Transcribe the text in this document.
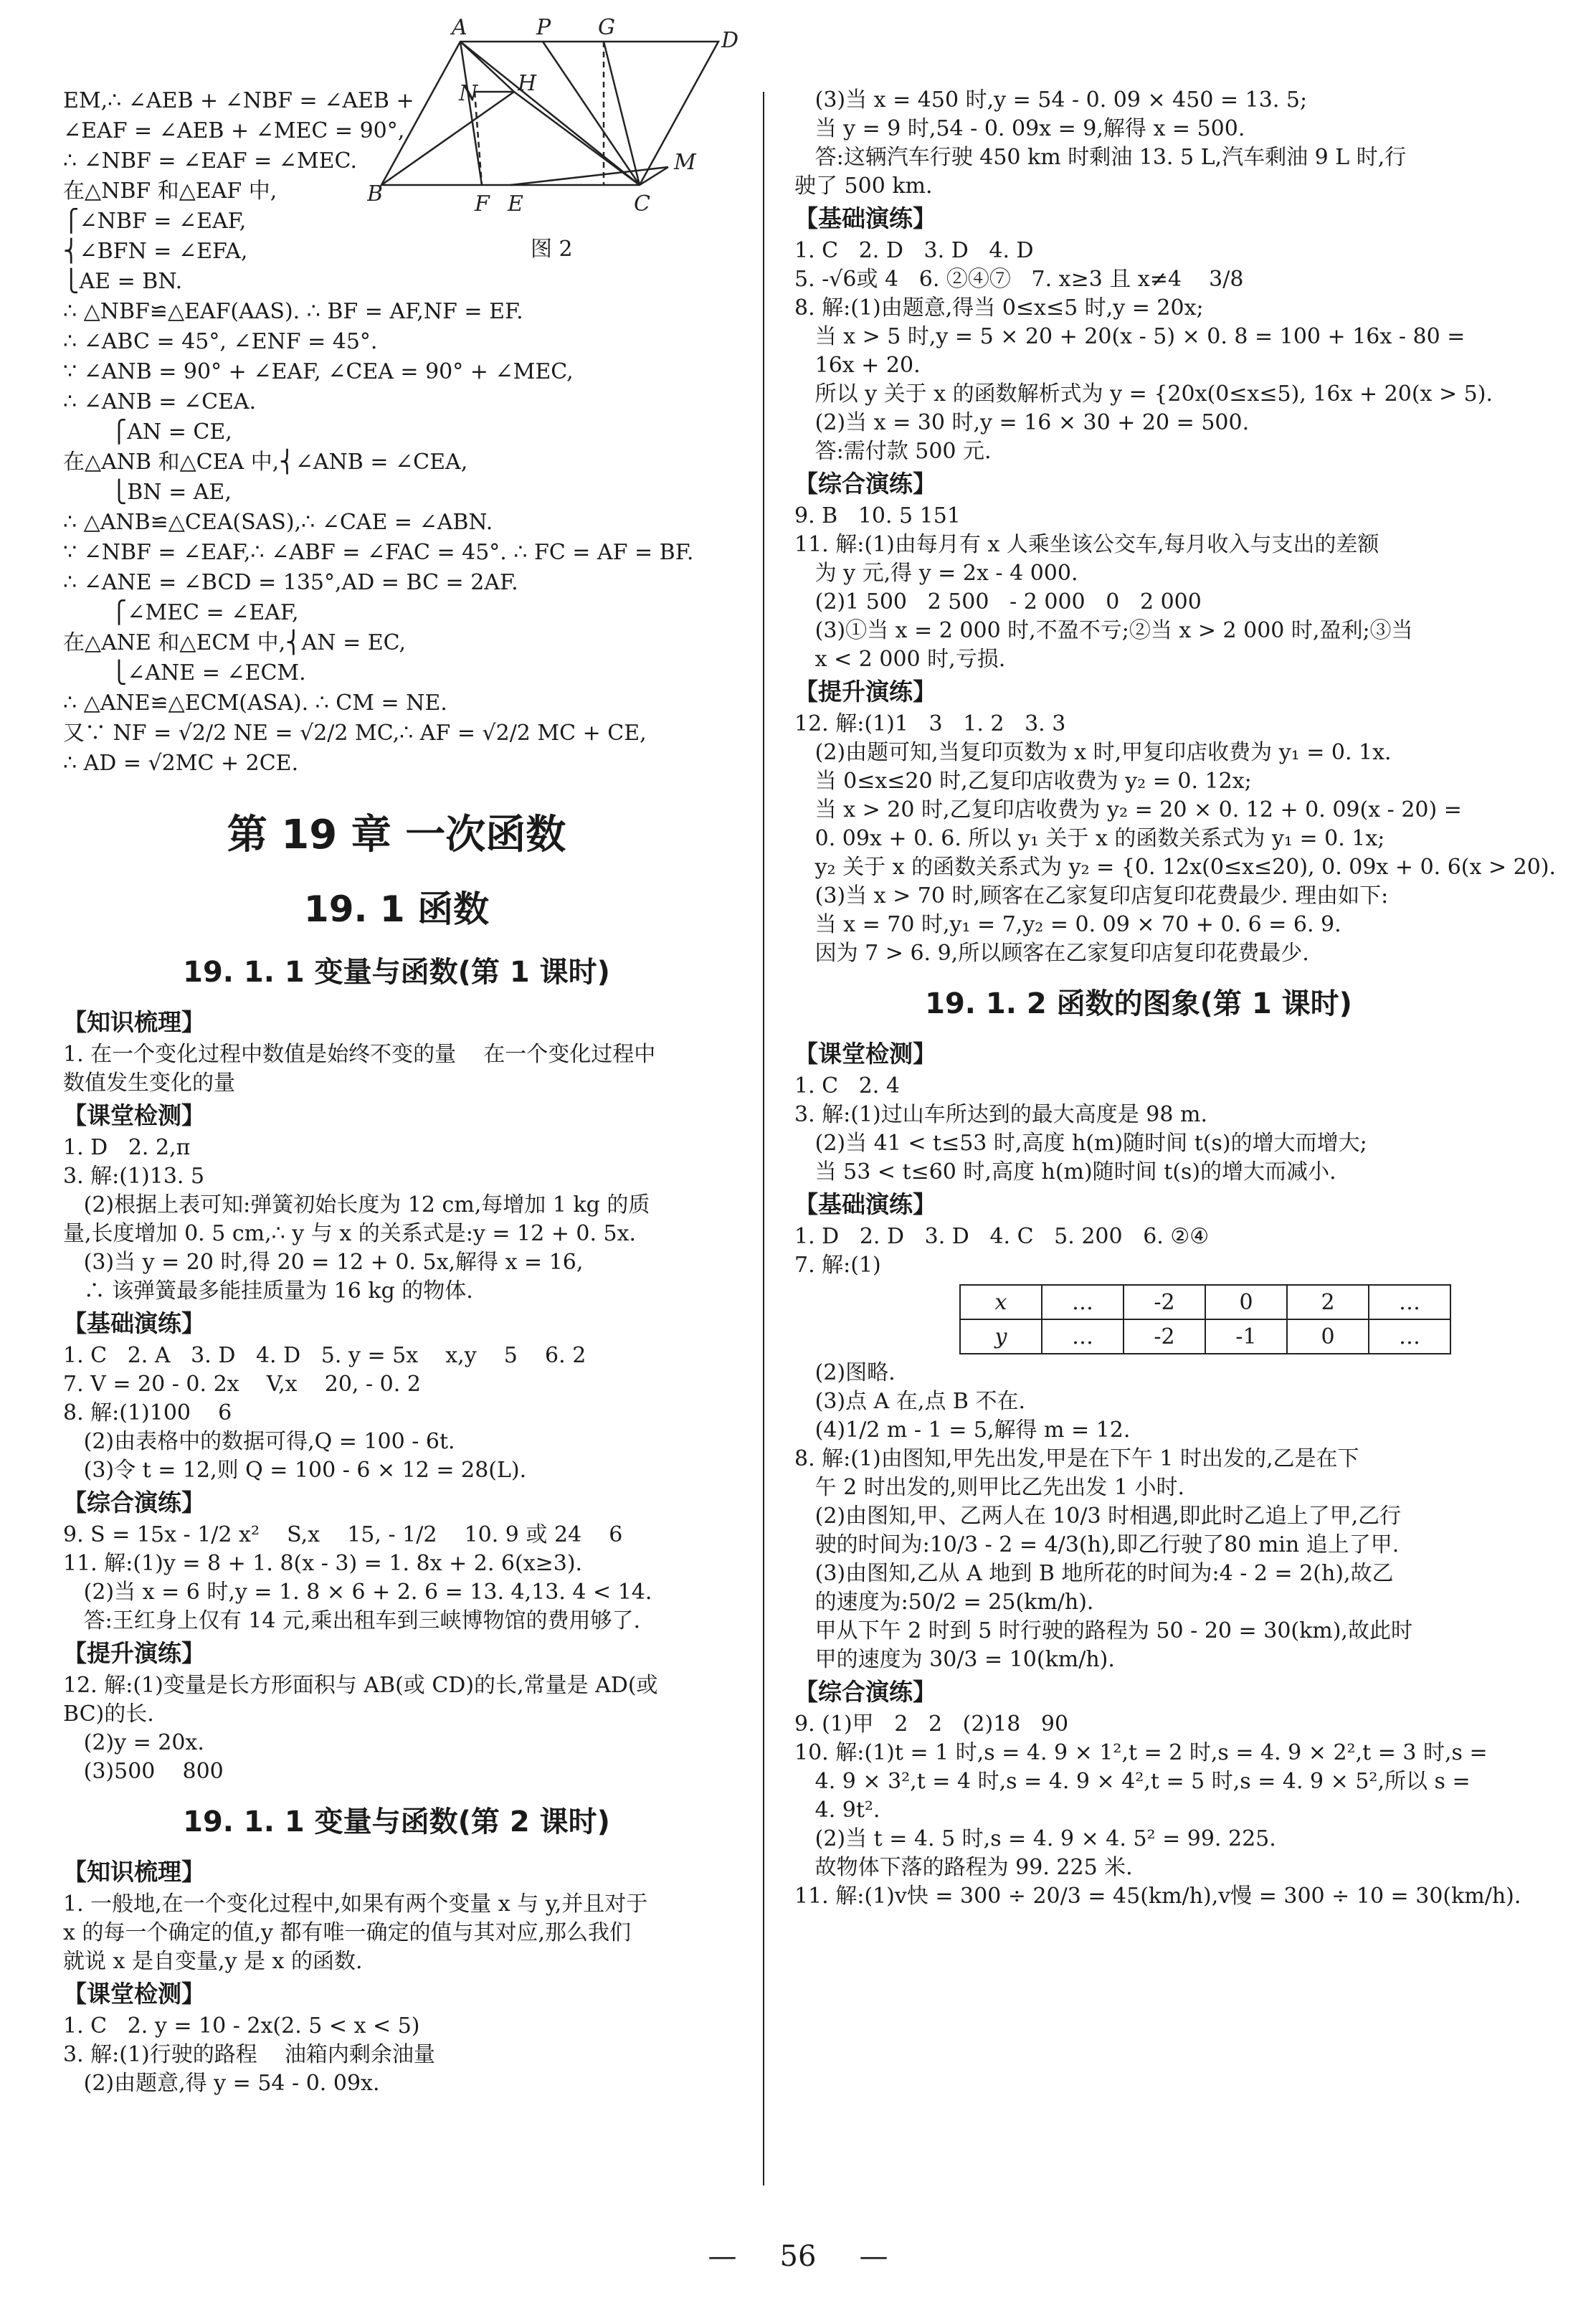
A	P G
D
B
N H
M
F E	C
图 2
EM,∴ ∠AEB + ∠NBF = ∠AEB +
∠EAF = ∠AEB + ∠MEC = 90°,
∴ ∠NBF = ∠EAF = ∠MEC.
在△NBF 和△EAF 中,
⎧∠NBF = ∠EAF,
⎨∠BFN = ∠EFA,
⎩AE = BN.
∴ △NBF≌△EAF(AAS). ∴ BF = AF,NF = EF.
∴ ∠ABC = 45°, ∠ENF = 45°.
∵ ∠ANB = 90° + ∠EAF, ∠CEA = 90° + ∠MEC,
∴ ∠ANB = ∠CEA.
⎧AN = CE,
在△ANB 和△CEA 中,⎨∠ANB = ∠CEA,
⎩BN = AE,
∴ △ANB≌△CEA(SAS),∴ ∠CAE = ∠ABN.
∵ ∠NBF = ∠EAF,∴ ∠ABF = ∠FAC = 45°. ∴ FC = AF = BF.
∴ ∠ANE = ∠BCD = 135°,AD = BC = 2AF.
⎧∠MEC = ∠EAF,
在△ANE 和△ECM 中,⎨AN = EC,
⎩∠ANE = ∠ECM.
∴ △ANE≌△ECM(ASA). ∴ CM = NE.
又∵ NF = √2/2 NE = √2/2 MC,∴ AF = √2/2 MC + CE,
∴ AD = √2MC + 2CE.
第 19 章 一次函数
19. 1 函数
19. 1. 1 变量与函数(第 1 课时)
【知识梳理】
1. 在一个变化过程中数值是始终不变的量    在一个变化过程中
数值发生变化的量
【课堂检测】
1. D   2. 2,π
3. 解:(1)13. 5
(2)根据上表可知:弹簧初始长度为 12 cm,每增加 1 kg 的质
量,长度增加 0. 5 cm,∴ y 与 x 的关系式是:y = 12 + 0. 5x.
(3)当 y = 20 时,得 20 = 12 + 0. 5x,解得 x = 16,
∴ 该弹簧最多能挂质量为 16 kg 的物体.
【基础演练】
1. C   2. A   3. D   4. D   5. y = 5x    x,y    5    6. 2
7. V = 20 - 0. 2x    V,x    20, - 0. 2
8. 解:(1)100    6
(2)由表格中的数据可得,Q = 100 - 6t.
(3)令 t = 12,则 Q = 100 - 6 × 12 = 28(L).
【综合演练】
9. S = 15x - 1/2 x²    S,x    15, - 1/2    10. 9 或 24    6
11. 解:(1)y = 8 + 1. 8(x - 3) = 1. 8x + 2. 6(x≥3).
(2)当 x = 6 时,y = 1. 8 × 6 + 2. 6 = 13. 4,13. 4 < 14.
答:王红身上仅有 14 元,乘出租车到三峡博物馆的费用够了.
【提升演练】
12. 解:(1)变量是长方形面积与 AB(或 CD)的长,常量是 AD(或
BC)的长.
(2)y = 20x.
(3)500    800
19. 1. 1 变量与函数(第 2 课时)
【知识梳理】
1. 一般地,在一个变化过程中,如果有两个变量 x 与 y,并且对于
x 的每一个确定的值,y 都有唯一确定的值与其对应,那么我们
就说 x 是自变量,y 是 x 的函数.
【课堂检测】
1. C   2. y = 10 - 2x(2. 5 < x < 5)
3. 解:(1)行驶的路程    油箱内剩余油量
(2)由题意,得 y = 54 - 0. 09x.
(3)当 x = 450 时,y = 54 - 0. 09 × 450 = 13. 5;
当 y = 9 时,54 - 0. 09x = 9,解得 x = 500.
答:这辆汽车行驶 450 km 时剩油 13. 5 L,汽车剩油 9 L 时,行
驶了 500 km.
【基础演练】
1. C   2. D   3. D   4. D
5. -√6或 4   6. ②④⑦   7. x≥3 且 x≠4    3/8
8. 解:(1)由题意,得当 0≤x≤5 时,y = 20x;
当 x > 5 时,y = 5 × 20 + 20(x - 5) × 0. 8 = 100 + 16x - 80 =
16x + 20.
所以 y 关于 x 的函数解析式为 y = {20x(0≤x≤5), 16x + 20(x > 5).
(2)当 x = 30 时,y = 16 × 30 + 20 = 500.
答:需付款 500 元.
【综合演练】
9. B   10. 5 151
11. 解:(1)由每月有 x 人乘坐该公交车,每月收入与支出的差额
为 y 元,得 y = 2x - 4 000.
(2)1 500   2 500   - 2 000   0   2 000
(3)①当 x = 2 000 时,不盈不亏;②当 x > 2 000 时,盈利;③当
x < 2 000 时,亏损.
【提升演练】
12. 解:(1)1   3   1. 2   3. 3
(2)由题可知,当复印页数为 x 时,甲复印店收费为 y₁ = 0. 1x.
当 0≤x≤20 时,乙复印店收费为 y₂ = 0. 12x;
当 x > 20 时,乙复印店收费为 y₂ = 20 × 0. 12 + 0. 09(x - 20) =
0. 09x + 0. 6. 所以 y₁ 关于 x 的函数关系式为 y₁ = 0. 1x;
y₂ 关于 x 的函数关系式为 y₂ = {0. 12x(0≤x≤20), 0. 09x + 0. 6(x > 20).
(3)当 x > 70 时,顾客在乙家复印店复印花费最少. 理由如下:
当 x = 70 时,y₁ = 7,y₂ = 0. 09 × 70 + 0. 6 = 6. 9.
因为 7 > 6. 9,所以顾客在乙家复印店复印花费最少.
19. 1. 2 函数的图象(第 1 课时)
【课堂检测】
1. C   2. 4
3. 解:(1)过山车所达到的最大高度是 98 m.
(2)当 41 < t≤53 时,高度 h(m)随时间 t(s)的增大而增大;
当 53 < t≤60 时,高度 h(m)随时间 t(s)的增大而减小.
【基础演练】
1. D   2. D   3. D   4. C   5. 200   6. ②④
7. 解:(1)
x	…	-2	0	2	…
y	…	-2	-1	0	…
(2)图略.
(3)点 A 在,点 B 不在.
(4)1/2 m - 1 = 5,解得 m = 12.
8. 解:(1)由图知,甲先出发,甲是在下午 1 时出发的,乙是在下
午 2 时出发的,则甲比乙先出发 1 小时.
(2)由图知,甲、乙两人在 10/3 时相遇,即此时乙追上了甲,乙行
驶的时间为:10/3 - 2 = 4/3(h),即乙行驶了80 min 追上了甲.
(3)由图知,乙从 A 地到 B 地所花的时间为:4 - 2 = 2(h),故乙
的速度为:50/2 = 25(km/h).
甲从下午 2 时到 5 时行驶的路程为 50 - 20 = 30(km),故此时
甲的速度为 30/3 = 10(km/h).
【综合演练】
9. (1)甲   2   2   (2)18   90
10. 解:(1)t = 1 时,s = 4. 9 × 1²,t = 2 时,s = 4. 9 × 2²,t = 3 时,s =
4. 9 × 3²,t = 4 时,s = 4. 9 × 4²,t = 5 时,s = 4. 9 × 5²,所以 s =
4. 9t².
(2)当 t = 4. 5 时,s = 4. 9 × 4. 5² = 99. 225.
故物体下落的路程为 99. 225 米.
11. 解:(1)v快 = 300 ÷ 20/3 = 45(km/h),v慢 = 300 ÷ 10 = 30(km/h).
— 56 —
